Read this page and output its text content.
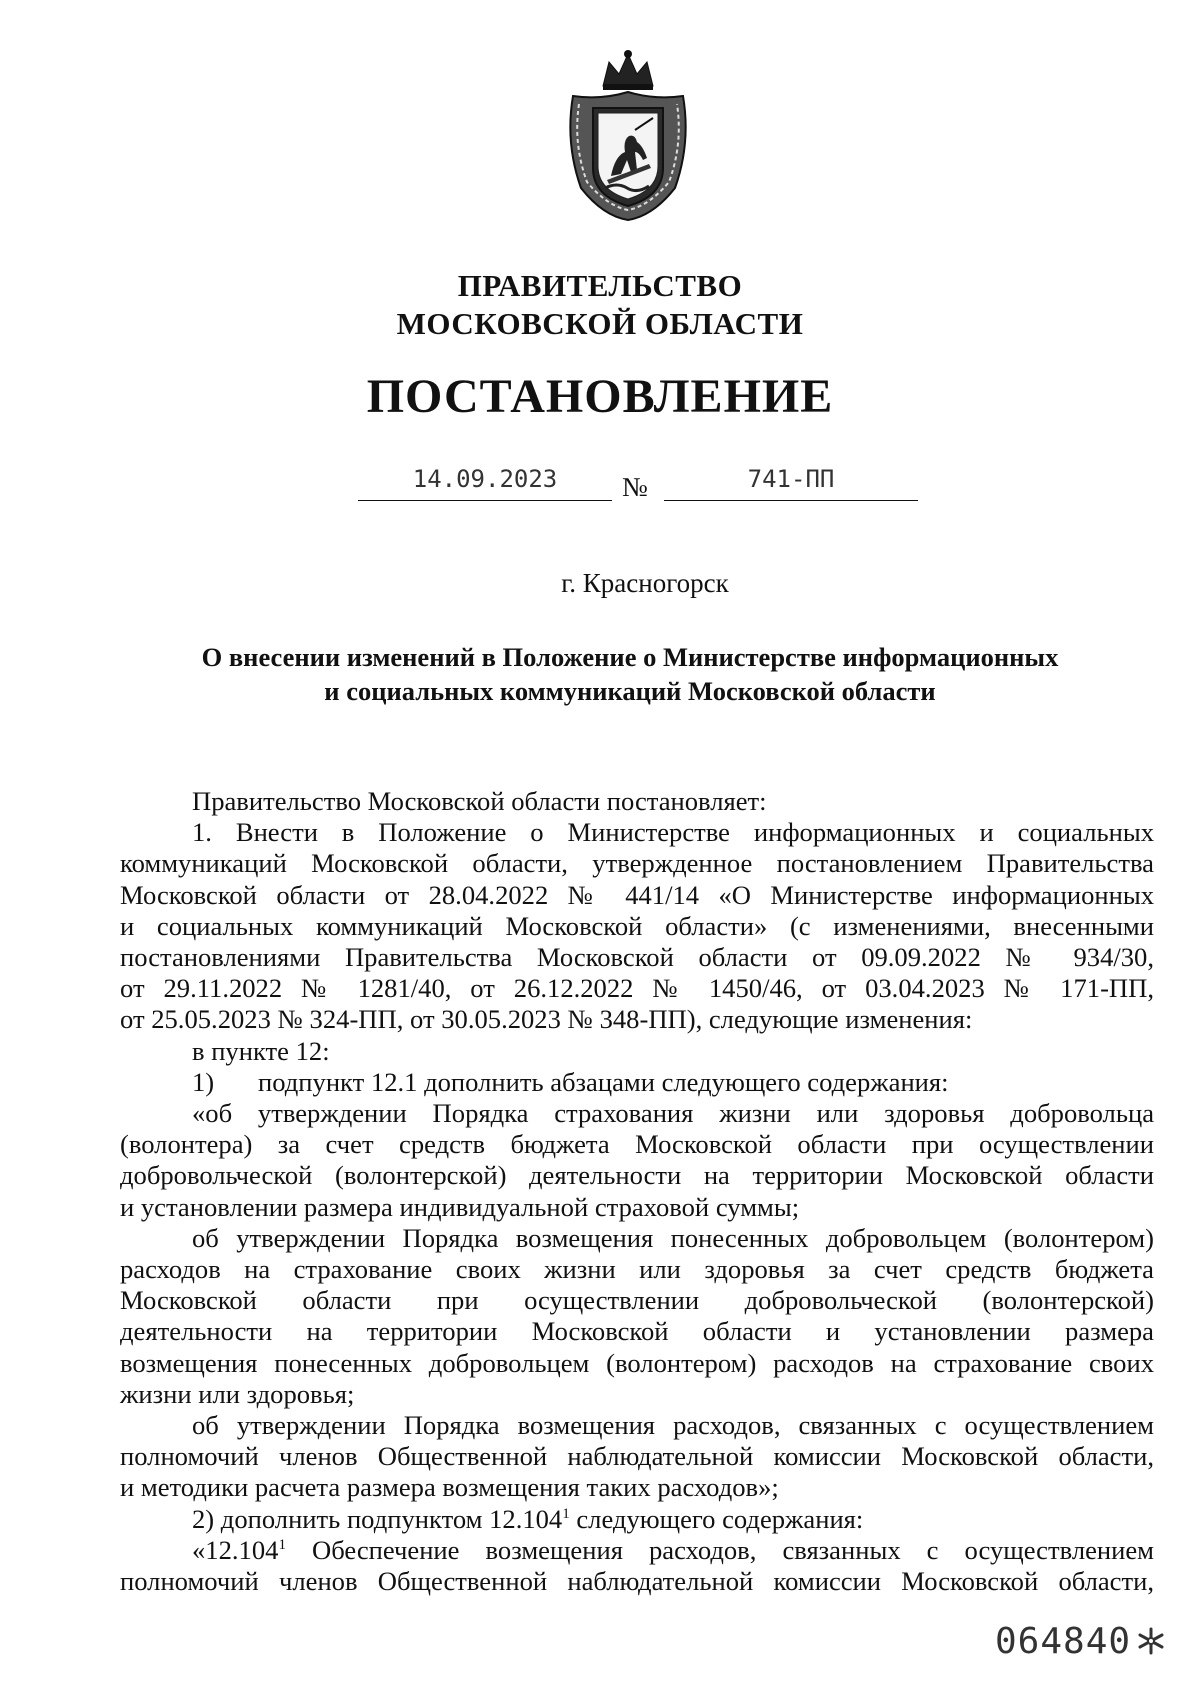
ПРАВИТЕЛЬСТВО
МОСКОВСКОЙ ОБЛАСТИ
ПОСТАНОВЛЕНИЕ
14.09.2023	№	741-ПП
г. Красногорск
О внесении изменений в Положение о Министерстве информационных
и социальных коммуникаций Московской области

Правительство Московской области постановляет:

1. Внести в Положение о Министерстве информационных и социальных

коммуникаций Московской области, утвержденное постановлением Правительства
Московской области от 28.04.2022 № 441/14 «О Министерстве информационных
и социальных коммуникаций Московской области» (с изменениями, внесенными
постановлениями Правительства Московской области от 09.09.2022 № 934/30,
от 29.11.2022 № 1281/40, от 26.12.2022 № 1450/46, от 03.04.2023 № 171-ПП,
от 25.05.2023 № 324-ПП, от 30.05.2023 № 348-ПП), следующие изменения:

в пункте 12:

1) подпункт 12.1 дополнить абзацами следующего содержания:

«об утверждении Порядка страхования жизни или здоровья добровольца

(волонтера) за счет средств бюджета Московской области при осуществлении
добровольческой (волонтерской) деятельности на территории Московской области
и установлении размера индивидуальной страховой суммы;

об утверждении Порядка возмещения понесенных добровольцем (волонтером)

расходов на страхование своих жизни или здоровья за счет средств бюджета
Московской области при осуществлении добровольческой (волонтерской)
деятельности на территории Московской области и установлении размера
возмещения понесенных добровольцем (волонтером) расходов на страхование своих
жизни или здоровья;

об утверждении Порядка возмещения расходов, связанных с осуществлением

полномочий членов Общественной наблюдательной комиссии Московской области,
и методики расчета размера возмещения таких расходов»;

2) дополнить подпунктом 12.104$^1$ следующего содержания:

«12.104$^1$ Обеспечение возмещения расходов, связанных с осуществлением

полномочий членов Общественной наблюдательной комиссии Московской области,

064840
